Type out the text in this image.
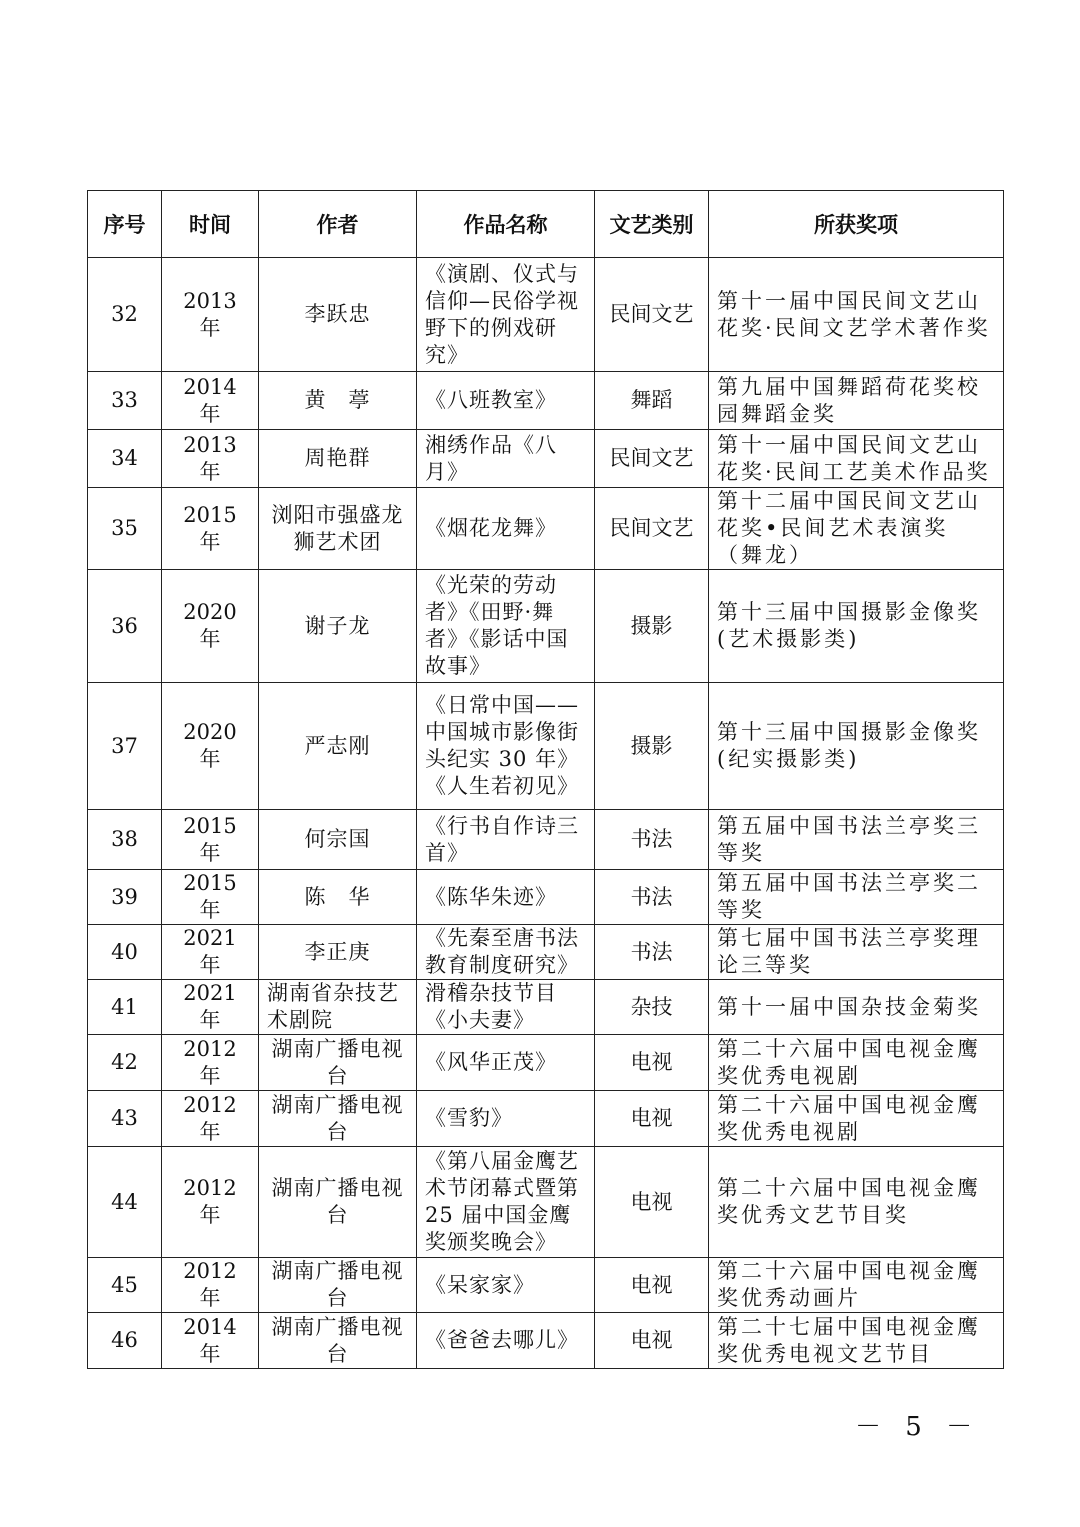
序号	时间	作者	作品名称	文艺类别	所获奖项
32	2013 年	李跃忠	《演剧、仪式与信仰—民俗学视野下的例戏研究》	民间文艺	第十一届中国民间文艺山花奖·民间文艺学术著作奖
33	2014 年	黄　葶	《八班教室》	舞蹈	第九届中国舞蹈荷花奖校园舞蹈金奖
34	2013 年	周艳群	湘绣作品《八月》	民间文艺	第十一届中国民间文艺山花奖·民间工艺美术作品奖
35	2015 年	浏阳市强盛龙狮艺术团	《烟花龙舞》	民间文艺	第十二届中国民间文艺山花奖•民间艺术表演奖（舞龙）
36	2020 年	谢子龙	《光荣的劳动者》《田野·舞者》《影话中国故事》	摄影	第十三届中国摄影金像奖(艺术摄影类)
37	2020 年	严志刚	《日常中国——中国城市影像街头纪实 30 年》《人生若初见》	摄影	第十三届中国摄影金像奖(纪实摄影类)
38	2015 年	何宗国	《行书自作诗三首》	书法	第五届中国书法兰亭奖三等奖
39	2015 年	陈　华	《陈华朱迹》	书法	第五届中国书法兰亭奖二等奖
40	2021 年	李正庚	《先秦至唐书法教育制度研究》	书法	第七届中国书法兰亭奖理论三等奖
41	2021 年	湖南省杂技艺术剧院	滑稽杂技节目《小夫妻》	杂技	第十一届中国杂技金菊奖
42	2012 年	湖南广播电视台	《风华正茂》	电视	第二十六届中国电视金鹰奖优秀电视剧
43	2012 年	湖南广播电视台	《雪豹》	电视	第二十六届中国电视金鹰奖优秀电视剧
44	2012 年	湖南广播电视台	《第八届金鹰艺术节闭幕式暨第 25 届中国金鹰奖颁奖晚会》	电视	第二十六届中国电视金鹰奖优秀文艺节目奖
45	2012 年	湖南广播电视台	《呆家家》	电视	第二十六届中国电视金鹰奖优秀动画片
46	2014 年	湖南广播电视台	《爸爸去哪儿》	电视	第二十七届中国电视金鹰奖优秀电视文艺节目
－ 5 －
